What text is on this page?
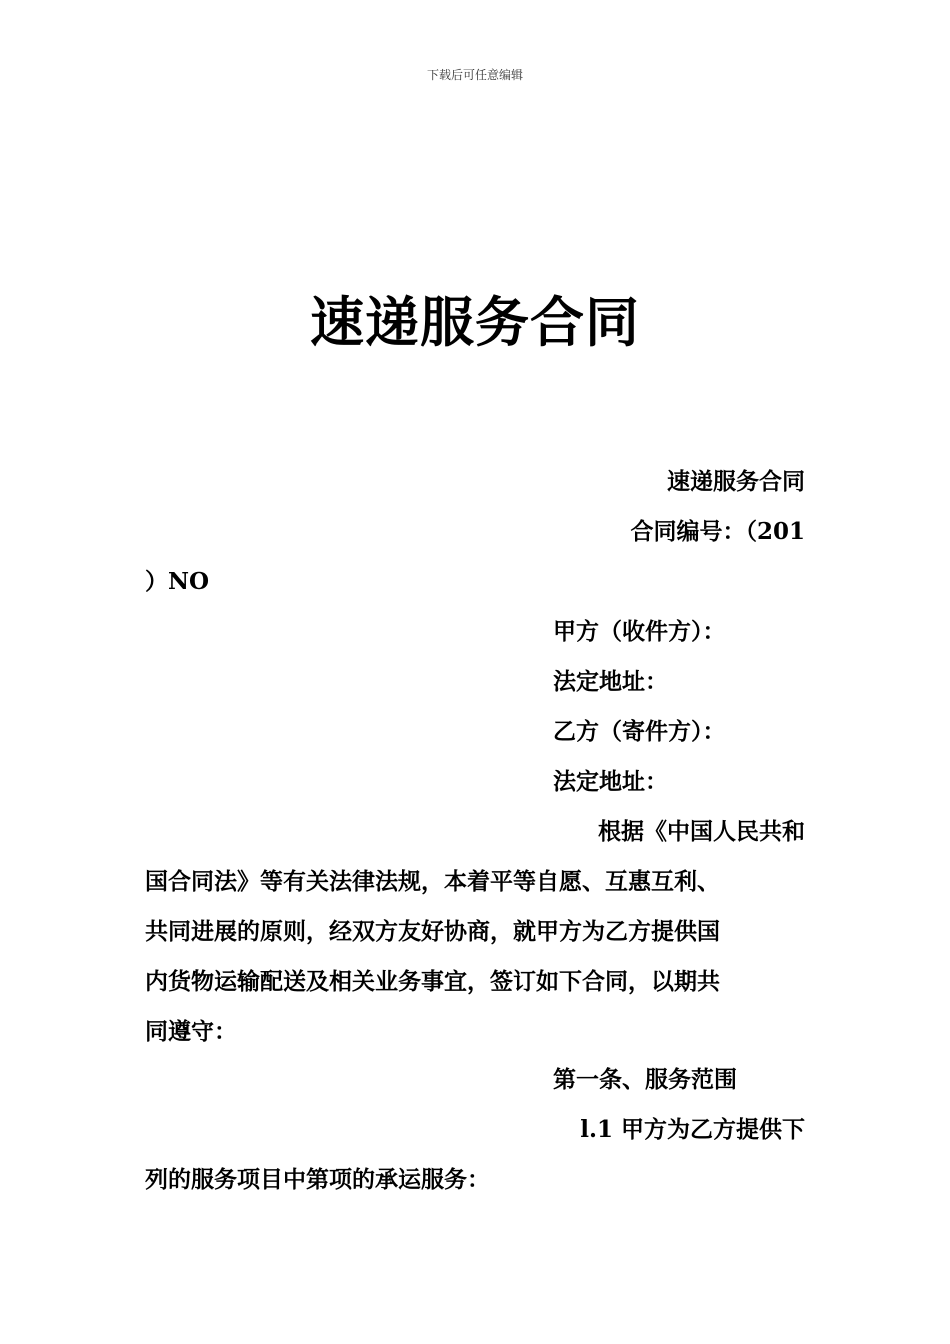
下载后可任意编辑
速递服务合同
速递服务合同
合同编号：（201
）NO
甲方（收件方）：
法定地址：
乙方（寄件方）：
法定地址：
根据《中国人民共和
国合同法》等有关法律法规，本着平等自愿、互惠互利、
共同进展的原则，经双方友好协商，就甲方为乙方提供国
内货物运输配送及相关业务事宜，签订如下合同，以期共
同遵守：
第一条、服务范围
l.1 甲方为乙方提供下
列的服务项目中第项的承运服务：
